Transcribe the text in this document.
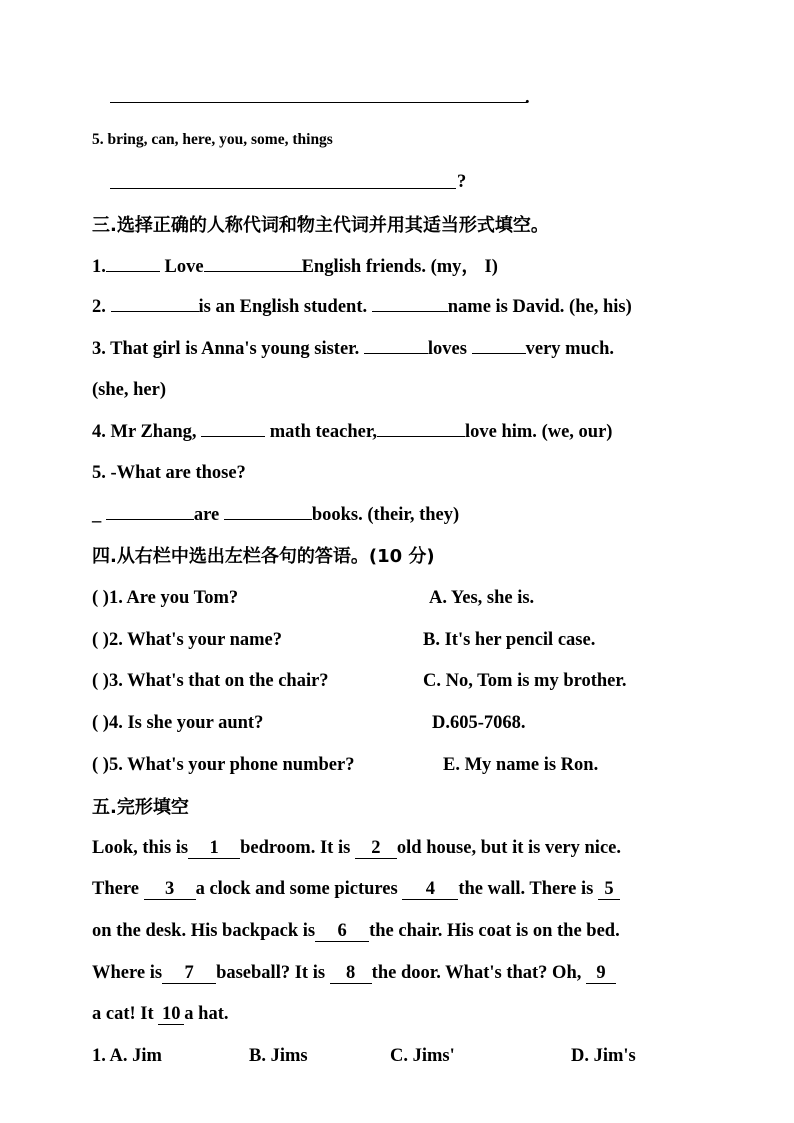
.
5. bring, can, here, you, some, things
?
三.选择正确的人称代词和物主代词并用其适当形式填空。
1.	Love	English friends. (my， I)
2.	is an English student.	name is David. (he, his)
3. That girl is Anna's young sister.	loves	very much.
(she, her)
4. Mr Zhang,	math teacher,	love him. (we, our)
5. -What are those?
_	are	books. (their, they)
四.从右栏中选出左栏各句的答语。(10 分)
( )1. Are you Tom?	A. Yes, she is.
( )2. What's your name?	B. It's her pencil case.
( )3. What's that on the chair?	C. No, Tom is my brother.
( )4. Is she your aunt?	D.605-7068.
( )5. What's your phone number?	E. My name is Ron.
五.完形填空
Look, this is 1 bedroom. It is 2 old house, but it is very nice.
There 3 a clock and some pictures 4 the wall. There is 5
on the desk. His backpack is 6 the chair. His coat is on the bed.
Where is 7 baseball? It is 8 the door. What's that? Oh, 9
a cat! It 10 a hat.
1. A. Jim	B. Jims	C. Jims'	D. Jim's
